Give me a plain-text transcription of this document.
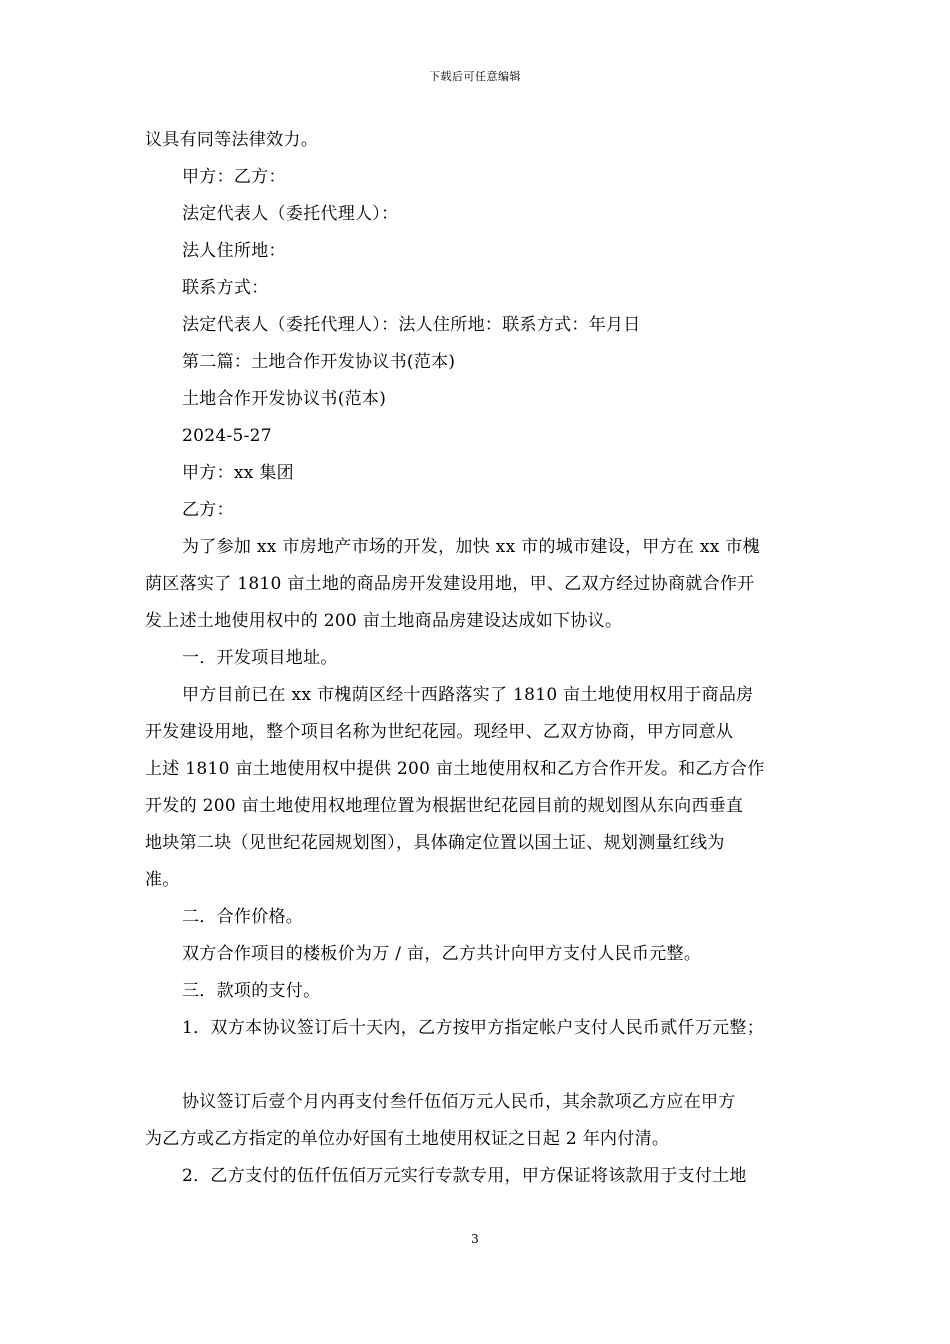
下载后可任意编辑
议具有同等法律效力。
甲方：乙方：
法定代表人（委托代理人）：
法人住所地：
联系方式：
法定代表人（委托代理人）：法人住所地：联系方式：年月日
第二篇：土地合作开发协议书(范本)
土地合作开发协议书(范本)
2024-5-27
甲方：xx 集团
乙方：
为了参加 xx 市房地产市场的开发，加快 xx 市的城市建设，甲方在 xx 市槐
荫区落实了 1810 亩土地的商品房开发建设用地，甲、乙双方经过协商就合作开
发上述土地使用权中的 200 亩土地商品房建设达成如下协议。
一．开发项目地址。
甲方目前已在 xx 市槐荫区经十西路落实了 1810 亩土地使用权用于商品房
开发建设用地，整个项目名称为世纪花园。现经甲、乙双方协商，甲方同意从
上述 1810 亩土地使用权中提供 200 亩土地使用权和乙方合作开发。和乙方合作
开发的 200 亩土地使用权地理位置为根据世纪花园目前的规划图从东向西垂直
地块第二块（见世纪花园规划图），具体确定位置以国土证、规划测量红线为
准。
二．合作价格。
双方合作项目的楼板价为万 / 亩，乙方共计向甲方支付人民币元整。
三．款项的支付。
1．双方本协议签订后十天内，乙方按甲方指定帐户支付人民币贰仟万元整；
协议签订后壹个月内再支付叁仟伍佰万元人民币，其余款项乙方应在甲方
为乙方或乙方指定的单位办好国有土地使用权证之日起 2 年内付清。
2．乙方支付的伍仟伍佰万元实行专款专用，甲方保证将该款用于支付土地
3
